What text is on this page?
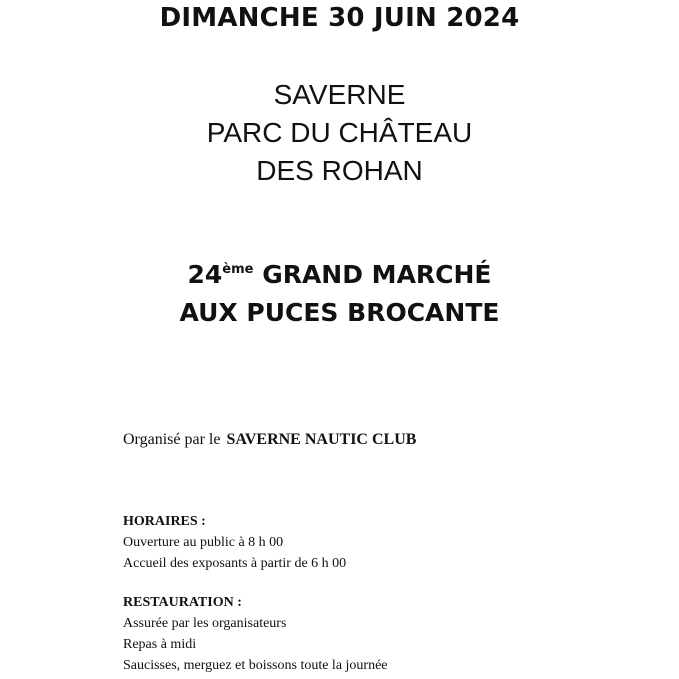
DIMANCHE 30 JUIN 2024
SAVERNE
PARC DU CHÂTEAU
DES ROHAN
24ème GRAND MARCHÉ
AUX PUCES BROCANTE
Organisé par le SAVERNE NAUTIC CLUB
HORAIRES :
Ouverture au public à 8 h 00
Accueil des exposants à partir de 6 h 00
RESTAURATION :
Assurée par les organisateurs
Repas à midi
Saucisses, merguez et boissons toute la journée
